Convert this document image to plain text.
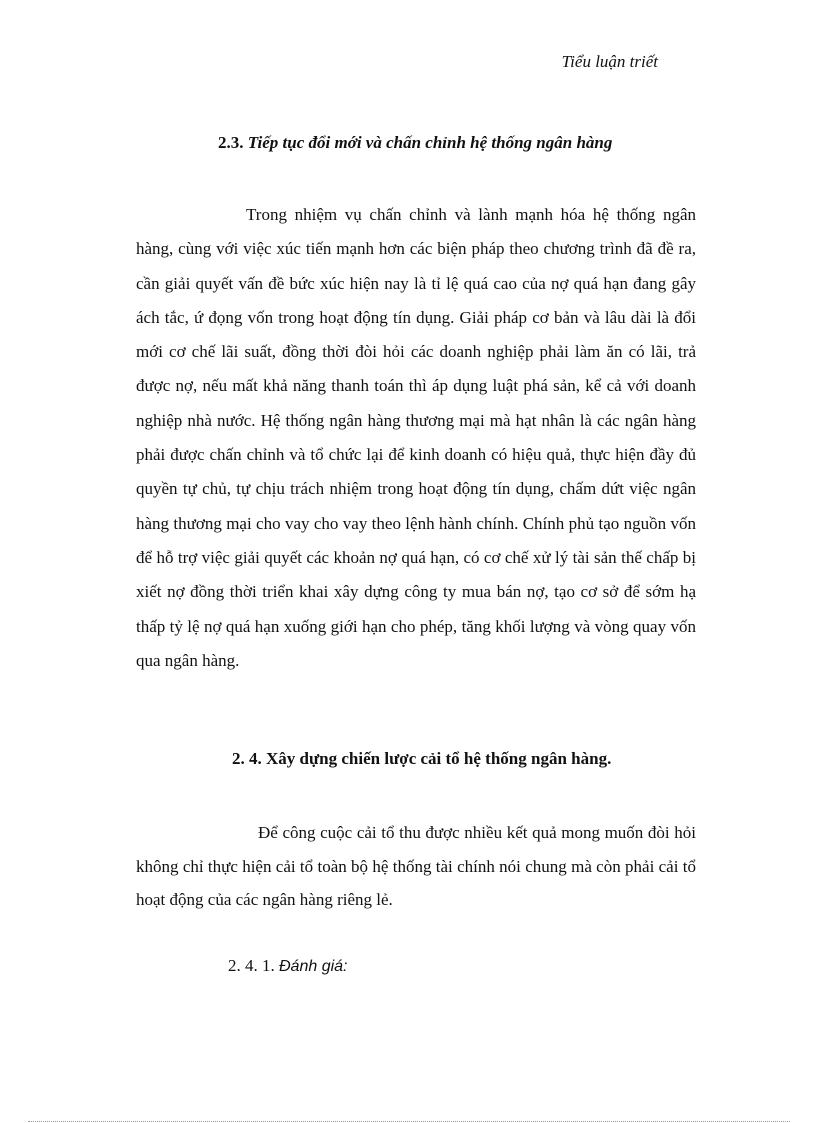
Tiểu luận triết
2.3. Tiếp tục đổi mới và chấn chỉnh hệ thống ngân hàng

Trong nhiệm vụ chấn chỉnh và lành mạnh hóa hệ thống ngân hàng, cùng với việc xúc tiến mạnh hơn các biện pháp theo chương trình đã đề ra, cần giải quyết vấn đề bức xúc hiện nay là tỉ lệ quá cao của nợ quá hạn đang gây ách tắc, ứ đọng vốn trong hoạt động tín dụng. Giải pháp cơ bản và lâu dài là đổi mới cơ chế lãi suất, đồng thời đòi hỏi các doanh nghiệp phải làm ăn có lãi, trả được nợ, nếu mất khả năng thanh toán thì áp dụng luật phá sản, kể cả với doanh nghiệp nhà nước. Hệ thống ngân hàng thương mại mà hạt nhân là các ngân hàng phải được chấn chỉnh và tổ chức lại để kinh doanh có hiệu quả, thực hiện đầy đủ quyền tự chủ, tự chịu trách nhiệm trong hoạt động tín dụng, chấm dứt việc ngân hàng thương mại cho vay cho vay theo lệnh hành chính. Chính phủ tạo nguồn vốn để hỗ trợ việc giải quyết các khoản nợ quá hạn, có cơ chế xử lý tài sản thế chấp bị xiết nợ đồng thời triển khai xây dựng công ty mua bán nợ, tạo cơ sở để sớm hạ thấp tỷ lệ nợ quá hạn xuống giới hạn cho phép, tăng khối lượng và vòng quay vốn qua ngân hàng.

2. 4. Xây dựng chiến lược cải tổ hệ thống ngân hàng.

Để công cuộc cải tổ thu được nhiều kết quả mong muốn đòi hỏi không chỉ thực hiện cải tổ toàn bộ hệ thống tài chính nói chung mà còn phải cải tổ hoạt động của các ngân hàng riêng lẻ.

2. 4. 1. Đánh giá:
